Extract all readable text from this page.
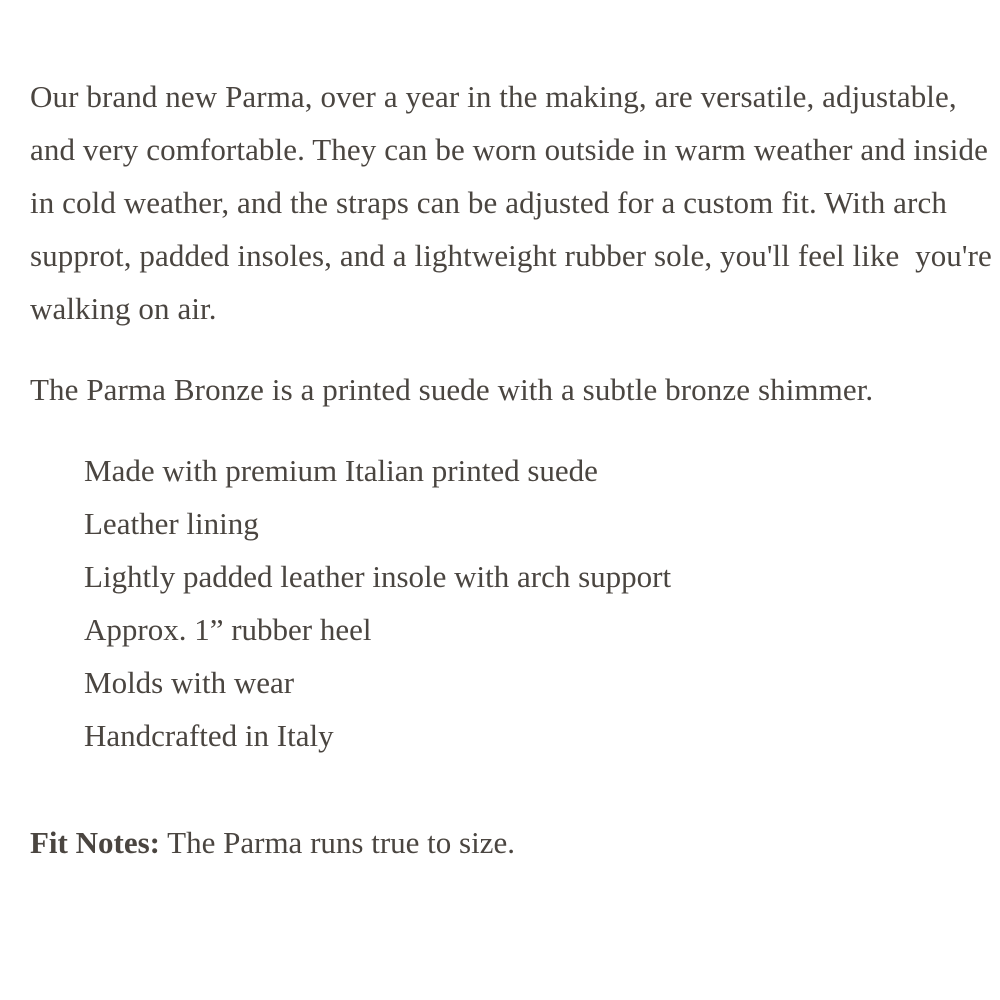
Our brand new Parma, over a year in the making, are versatile, adjustable, and very comfortable. They can be worn outside in warm weather and inside in cold weather, and the straps can be adjusted for a custom fit. With arch supprot, padded insoles, and a lightweight rubber sole, you'll feel like  you're walking on air.

The Parma Bronze is a printed suede with a subtle bronze shimmer.

Made with premium Italian printed suede
Leather lining
Lightly padded leather insole with arch support
Approx. 1” rubber heel
Molds with wear
Handcrafted in Italy

Fit Notes: The Parma runs true to size.
